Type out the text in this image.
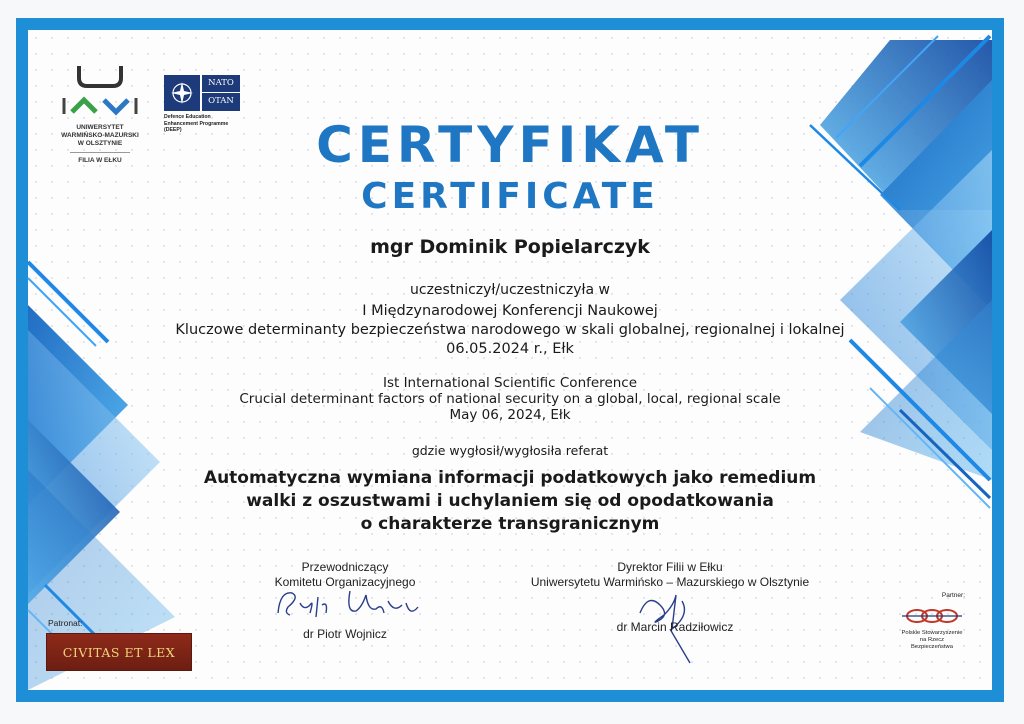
UNIWERSYTET
WARMIŃSKO-MAZURSKI
W OLSZTYNIE
FILIA W EŁKU
NATO
OTAN
Defence Education
Enhancement Programme
(DEEP)	CERTYFIKAT
CERTIFICATE
mgr Dominik Popielarczyk
uczestniczył/uczestniczyła w
I Międzynarodowej Konferencji Naukowej
Kluczowe determinanty bezpieczeństwa narodowego w skali globalnej, regionalnej i lokalnej
06.05.2024 r., Ełk
Ist International Scientific Conference
Crucial determinant factors of national security on a global, local, regional scale
May 06, 2024, Ełk
gdzie wygłosił/wygłosiła referat
Automatyczna wymiana informacji podatkowych jako remedium
walki z oszustwami i uchylaniem się od opodatkowania
o charakterze transgranicznym
Przewodniczący
Komitetu Organizacyjnego
dr Piotr Wojnicz
Dyrektor Filii w Ełku
Uniwersytetu Warmińsko – Mazurskiego w Olsztynie
dr Marcin Radziłowicz
Patronat:
CIVITAS ET LEX
Partner:
Polskie Stowarzyszenie
na Rzecz
Bezpieczeństwa
